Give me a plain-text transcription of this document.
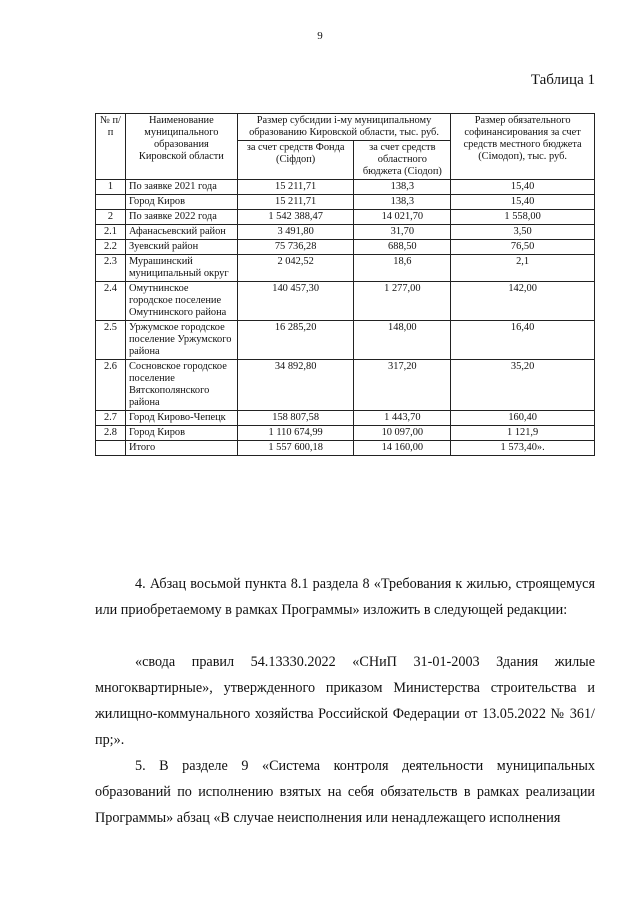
9
Таблица 1
№ п/п	Наименование муниципального образования Кировской области	Размер субсидии i-му муниципальному образованию Кировской области, тыс. руб.		Размер обязательного софинансирования за счет средств местного бюджета (Ciмодоп), тыс. руб.
		за счет средств Фонда (Ciфдоп)	за счет средств областного бюджета (Ciодоп)	
1	По заявке 2021 года	15 211,71	138,3	15,40
	Город Киров	15 211,71	138,3	15,40
2	По заявке 2022 года	1 542 388,47	14 021,70	1 558,00
2.1	Афанасьевский район	3 491,80	31,70	3,50
2.2	Зуевский район	75 736,28	688,50	76,50
2.3	Мурашинский муниципальный округ	2 042,52	18,6	2,1
2.4	Омутнинское городское поселение Омутнинского района	140 457,30	1 277,00	142,00
2.5	Уржумское городское поселение Уржумского района	16 285,20	148,00	16,40
2.6	Сосновское городское поселение Вятскополянского района	34 892,80	317,20	35,20
2.7	Город Кирово-Чепецк	158 807,58	1 443,70	160,40
2.8	Город Киров	1 110 674,99	10 097,00	1 121,9
	Итого	1 557 600,18	14 160,00	1 573,40».

4. Абзац восьмой пункта 8.1 раздела 8 «Требования к жилью, строящемуся или приобретаемому в рамках Программы» изложить в следующей редакции:

«свода правил 54.13330.2022 «СНиП 31-01-2003 Здания жилые многоквартирные», утвержденного приказом Министерства строительства и жилищно-коммунального хозяйства Российской Федерации от 13.05.2022 № 361/пр;».

5. В разделе 9 «Система контроля деятельности муниципальных образований по исполнению взятых на себя обязательств в рамках реализации Программы» абзац «В случае неисполнения или ненадлежащего исполнения
